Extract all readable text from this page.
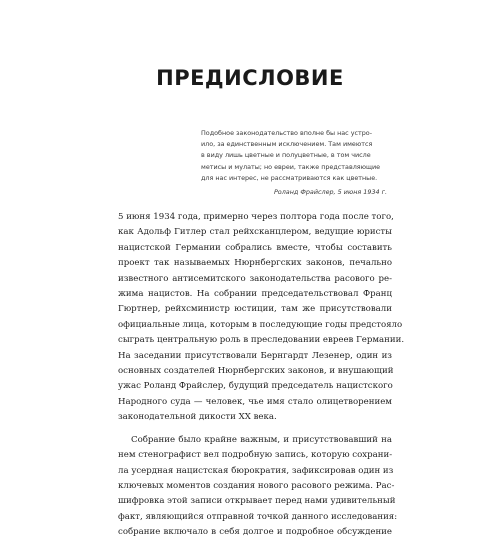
ПРЕДИСЛОВИЕ
Подобное законодательство вполне бы нас устро-
ило, за единственным исключением. Там имеются
в виду лишь цветные и полуцветные, в том числе
метисы и мулаты; но евреи, также представляющие
для нас интерес, не рассматриваются как цветные.
Роланд Фрайслер, 5 июня 1934 г.
5 июня 1934 года, примерно через полтора года после того,
как Адольф Гитлер стал рейхсканцлером, ведущие юристы
нацистской Германии собрались вместе, чтобы составить
проект так называемых Нюрнбергских законов, печально
известного антисемитского законодательства расового ре-
жима нацистов. На собрании председательствовал Франц
Гюртнер, рейхсминистр юстиции, там же присутствовали
официальные лица, которым в последующие годы предстояло
сыграть центральную роль в преследовании евреев Германии.
На заседании присутствовали Бернгардт Лезенер, один из
основных создателей Нюрнбергских законов, и внушающий
ужас Роланд Фрайслер, будущий председатель нацистского
Народного суда — человек, чье имя стало олицетворением
законодательной дикости XX века.
Собрание было крайне важным, и присутствовавший на
нем стенографист вел подробную запись, которую сохрани-
ла усердная нацистская бюрократия, зафиксировав один из
ключевых моментов создания нового расового режима. Рас-
шифровка этой записи открывает перед нами удивительный
факт, являющийся отправной точкой данного исследования:
собрание включало в себя долгое и подробное обсуждение
